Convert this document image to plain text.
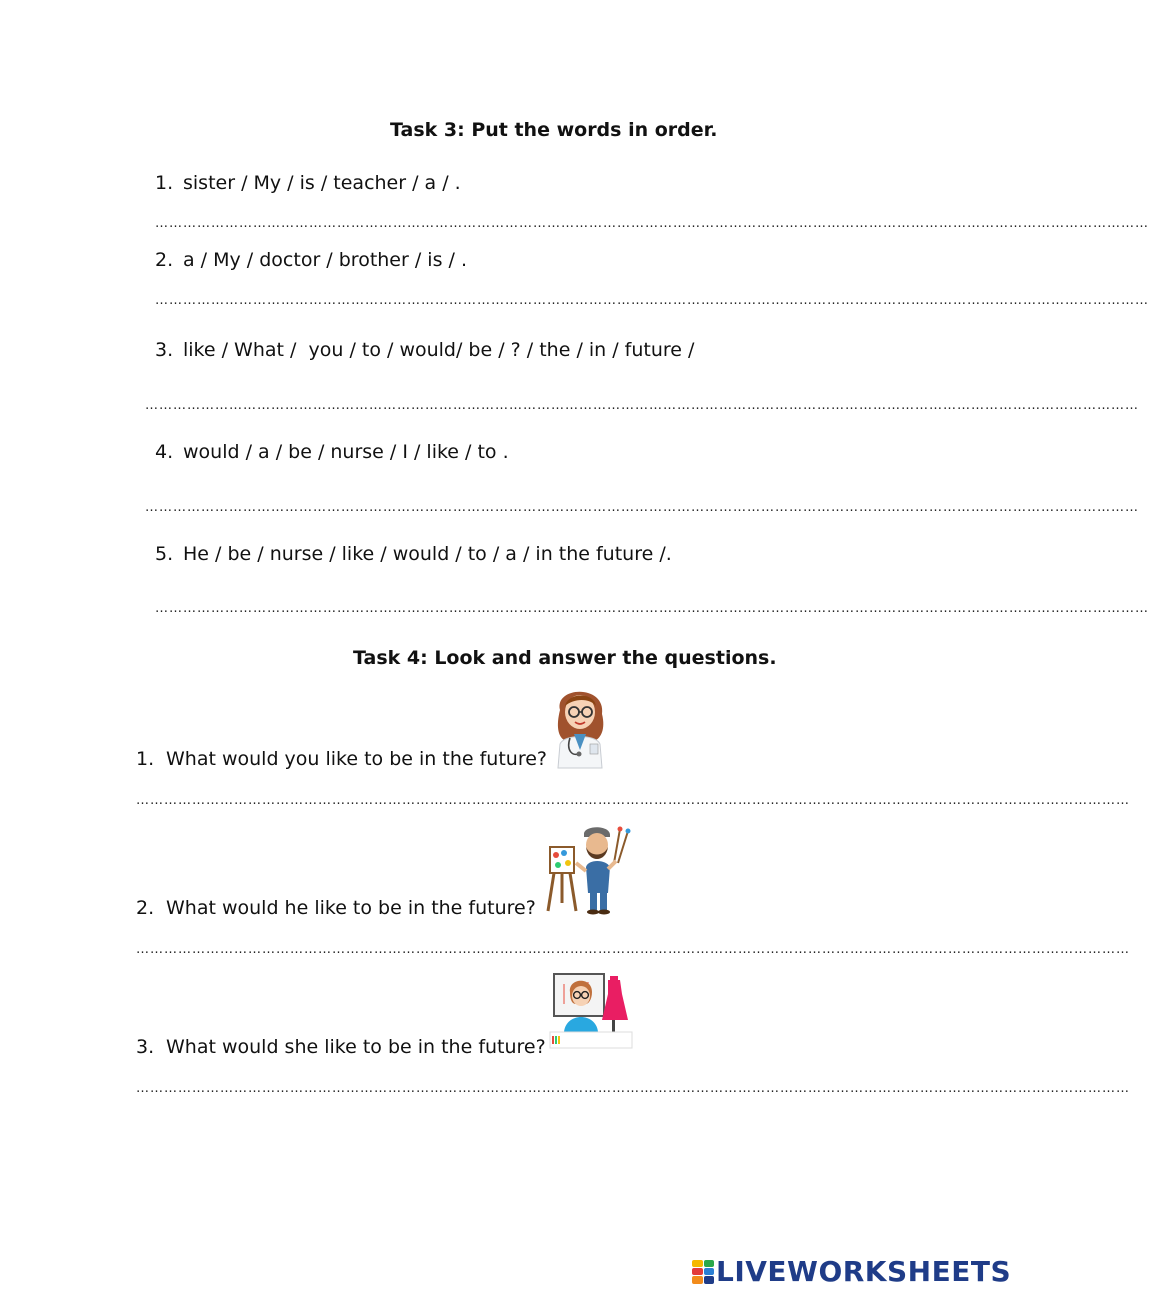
Task 3: Put the words in order.
1. sister / My / is / teacher / a / .
……………………………………………………………………………………………………………………………………………………………………………………………
2. a / My / doctor / brother / is / .
……………………………………………………………………………………………………………………………………………………………………………………………
3. like / What /  you / to / would/ be / ? / the / in / future /
……………………………………………………………………………………………………………………………………………………………………………………………
4. would / a / be / nurse / I / like / to .
……………………………………………………………………………………………………………………………………………………………………………………………
5. He / be / nurse / like / would / to / a / in the future /.
……………………………………………………………………………………………………………………………………………………………………………………………
Task 4: Look and answer the questions.
1. What would you like to be in the future?
……………………………………………………………………………………………………………………………………………………………………………………………
2. What would he like to be in the future?
……………………………………………………………………………………………………………………………………………………………………………………………
3. What would she like to be in the future?
……………………………………………………………………………………………………………………………………………………………………………………………
LIVEWORKSHEETS
